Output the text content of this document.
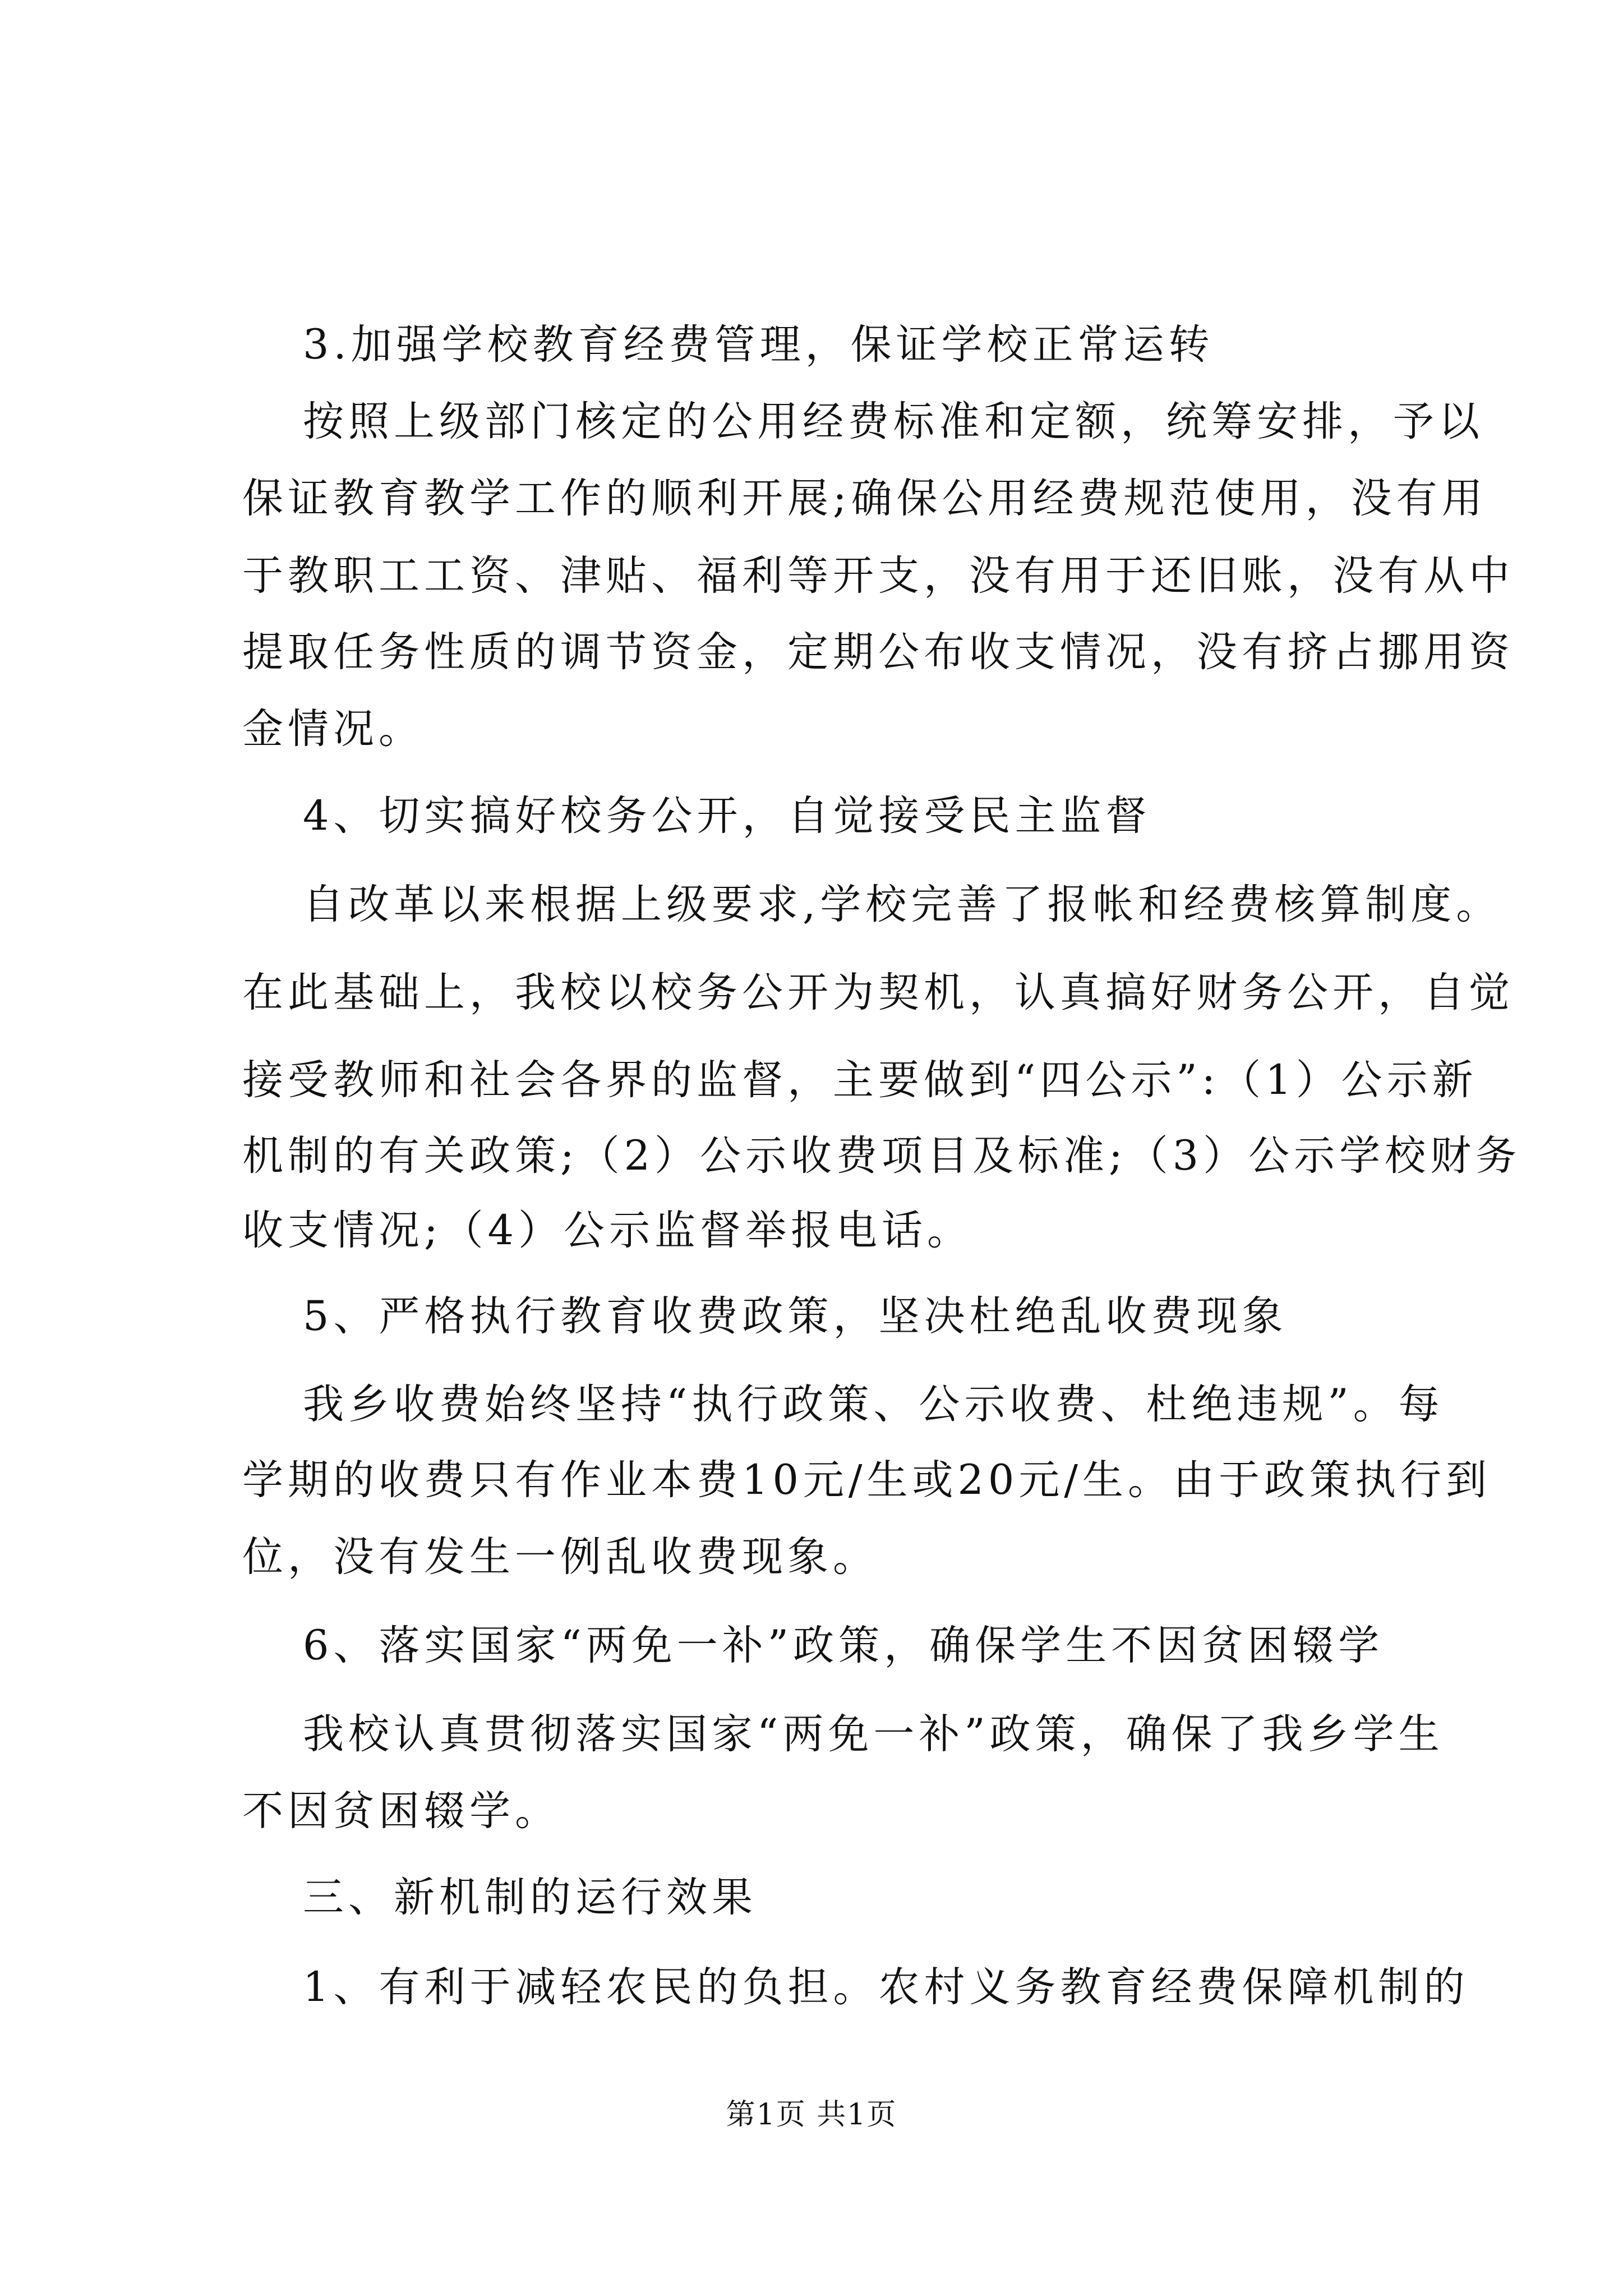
3.加强学校教育经费管理，保证学校正常运转
按照上级部门核定的公用经费标准和定额，统筹安排，予以
保证教育教学工作的顺利开展;确保公用经费规范使用，没有用
于教职工工资、津贴、福利等开支，没有用于还旧账，没有从中
提取任务性质的调节资金，定期公布收支情况，没有挤占挪用资
金情况。
4、切实搞好校务公开，自觉接受民主监督
自改革以来根据上级要求,学校完善了报帐和经费核算制度。
在此基础上，我校以校务公开为契机，认真搞好财务公开，自觉
接受教师和社会各界的监督，主要做到“四公示”:（1）公示新
机制的有关政策;（2）公示收费项目及标准;（3）公示学校财务
收支情况;（4）公示监督举报电话。
5、严格执行教育收费政策，坚决杜绝乱收费现象
我乡收费始终坚持“执行政策、公示收费、杜绝违规”。每
学期的收费只有作业本费10元/生或20元/生。由于政策执行到
位，没有发生一例乱收费现象。
6、落实国家“两免一补”政策，确保学生不因贫困辍学
我校认真贯彻落实国家“两免一补”政策，确保了我乡学生
不因贫困辍学。
三、新机制的运行效果
1、有利于减轻农民的负担。农村义务教育经费保障机制的
第1页 共1页
